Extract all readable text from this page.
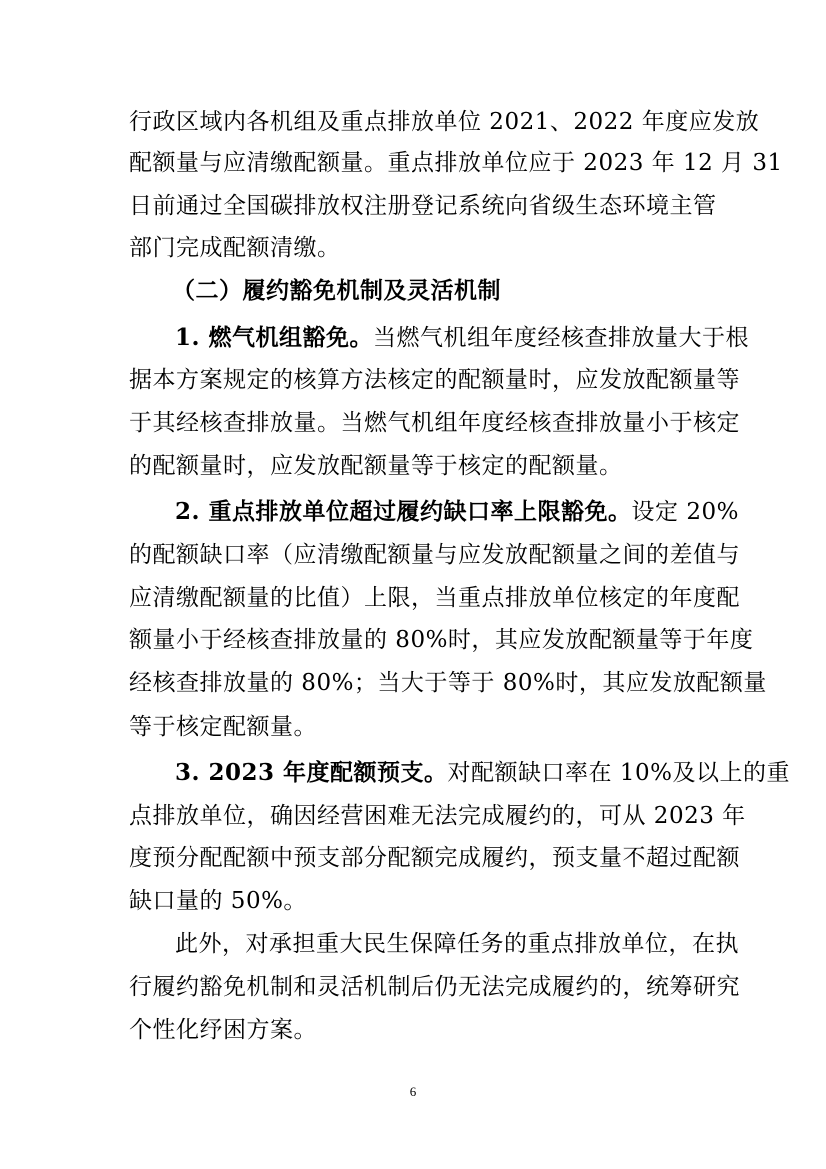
行政区域内各机组及重点排放单位 2021、2022 年度应发放
配额量与应清缴配额量。重点排放单位应于 2023 年 12 月 31
日前通过全国碳排放权注册登记系统向省级生态环境主管
部门完成配额清缴。
（二）履约豁免机制及灵活机制
1. 燃气机组豁免。当燃气机组年度经核查排放量大于根
据本方案规定的核算方法核定的配额量时，应发放配额量等
于其经核查排放量。当燃气机组年度经核查排放量小于核定
的配额量时，应发放配额量等于核定的配额量。
2. 重点排放单位超过履约缺口率上限豁免。设定 20%
的配额缺口率（应清缴配额量与应发放配额量之间的差值与
应清缴配额量的比值）上限，当重点排放单位核定的年度配
额量小于经核查排放量的 80%时，其应发放配额量等于年度
经核查排放量的 80%；当大于等于 80%时，其应发放配额量
等于核定配额量。
3. 2023 年度配额预支。对配额缺口率在 10%及以上的重
点排放单位，确因经营困难无法完成履约的，可从 2023 年
度预分配配额中预支部分配额完成履约，预支量不超过配额
缺口量的 50%。
此外，对承担重大民生保障任务的重点排放单位，在执
行履约豁免机制和灵活机制后仍无法完成履约的，统筹研究
个性化纾困方案。
6
